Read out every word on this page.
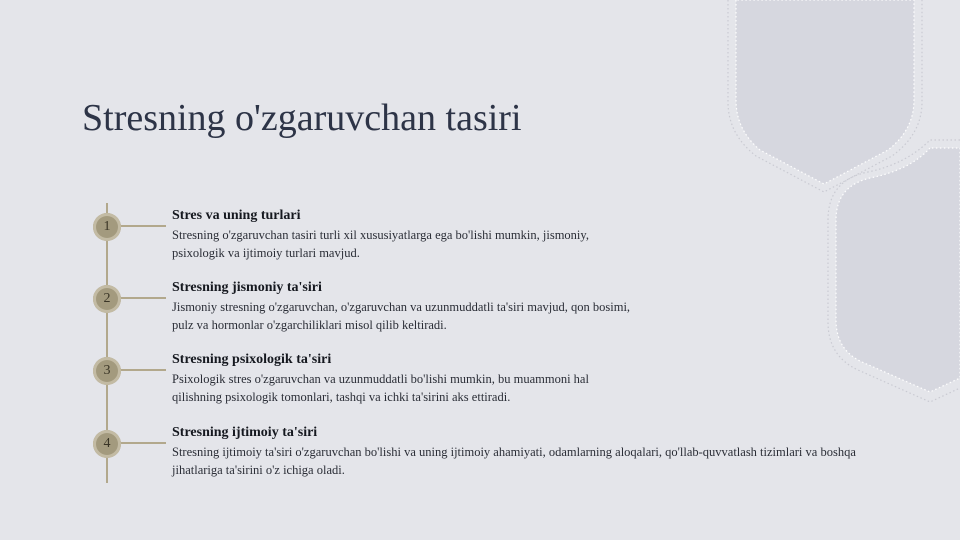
Stresning o'zgaruvchan tasiri
1

Stres va uning turlari

Stresning o'zgaruvchan tasiri turli xil xususiyatlarga ega bo'lishi mumkin, jismoniy, psixologik va ijtimoiy turlari mavjud.

2

Stresning jismoniy ta'siri

Jismoniy stresning o'zgaruvchan, o'zgaruvchan va uzunmuddatli ta'siri mavjud, qon bosimi, pulz va hormonlar o'zgarchiliklari misol qilib keltiradi.

3

Stresning psixologik ta'siri

Psixologik stres o'zgaruvchan va uzunmuddatli bo'lishi mumkin, bu muammoni hal qilishning psixologik tomonlari, tashqi va ichki ta'sirini aks ettiradi.

4

Stresning ijtimoiy ta'siri

Stresning ijtimoiy ta'siri o'zgaruvchan bo'lishi va uning ijtimoiy ahamiyati, odamlarning aloqalari, qo'llab-quvvatlash tizimlari va boshqa jihatlariga ta'sirini o'z ichiga oladi.
